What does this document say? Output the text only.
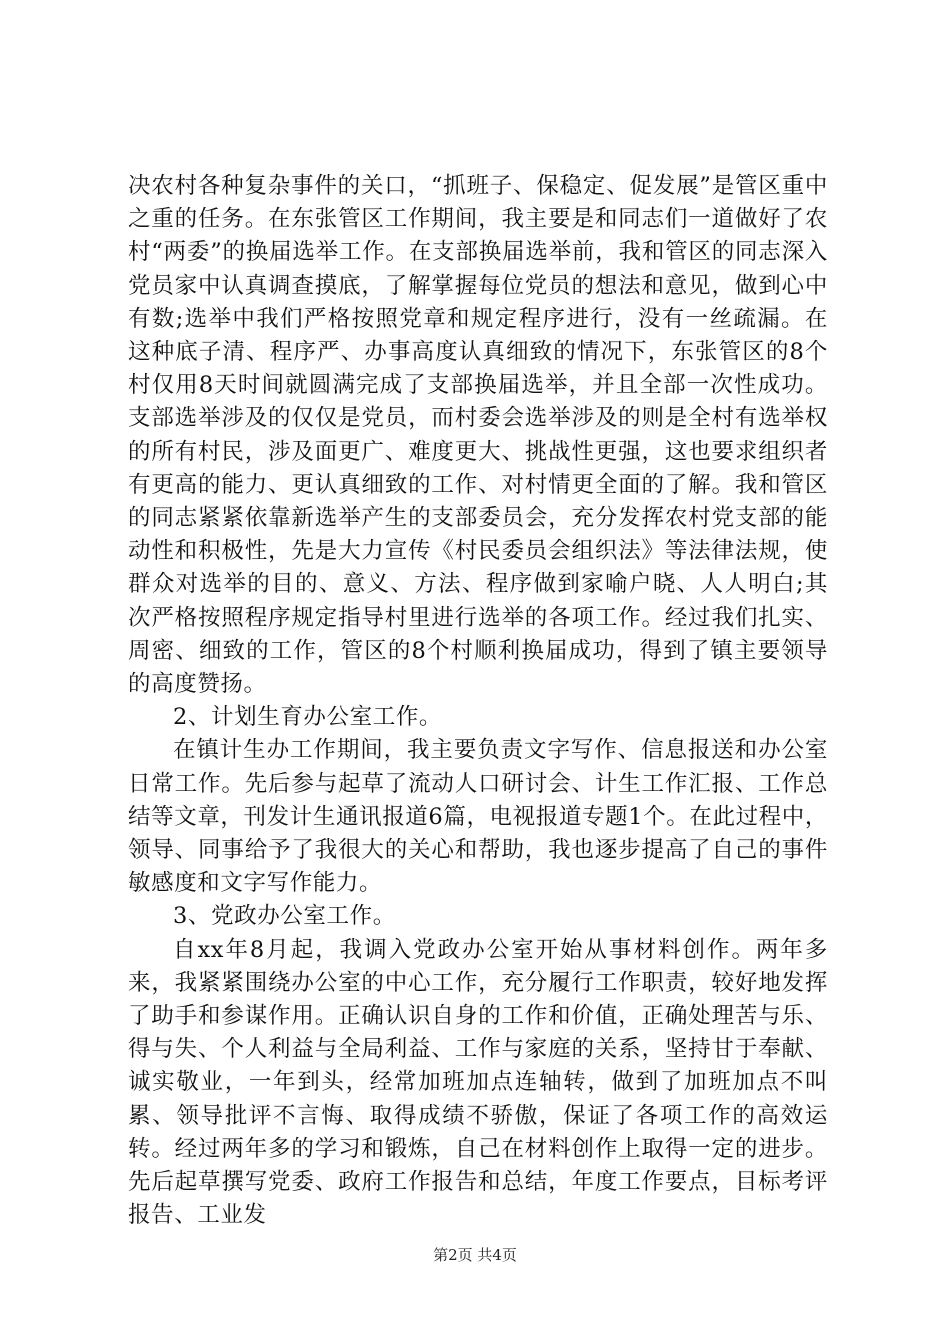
决农村各种复杂事件的关口，“抓班子、保稳定、促发展”是管区重中之重的任务。在东张管区工作期间，我主要是和同志们一道做好了农村“两委”的换届选举工作。在支部换届选举前，我和管区的同志深入党员家中认真调查摸底，了解掌握每位党员的想法和意见，做到心中有数;选举中我们严格按照党章和规定程序进行，没有一丝疏漏。在这种底子清、程序严、办事高度认真细致的情况下，东张管区的8个村仅用8天时间就圆满完成了支部换届选举，并且全部一次性成功。支部选举涉及的仅仅是党员，而村委会选举涉及的则是全村有选举权的所有村民，涉及面更广、难度更大、挑战性更强，这也要求组织者有更高的能力、更认真细致的工作、对村情更全面的了解。我和管区的同志紧紧依靠新选举产生的支部委员会，充分发挥农村党支部的能动性和积极性，先是大力宣传《村民委员会组织法》等法律法规，使群众对选举的目的、意义、方法、程序做到家喻户晓、人人明白;其次严格按照程序规定指导村里进行选举的各项工作。经过我们扎实、周密、细致的工作，管区的8个村顺利换届成功，得到了镇主要领导的高度赞扬。

2、计划生育办公室工作。

在镇计生办工作期间，我主要负责文字写作、信息报送和办公室日常工作。先后参与起草了流动人口研讨会、计生工作汇报、工作总结等文章，刊发计生通讯报道6篇，电视报道专题1个。在此过程中，领导、同事给予了我很大的关心和帮助，我也逐步提高了自己的事件敏感度和文字写作能力。

3、党政办公室工作。

自xx年8月起，我调入党政办公室开始从事材料创作。两年多来，我紧紧围绕办公室的中心工作，充分履行工作职责，较好地发挥了助手和参谋作用。正确认识自身的工作和价值，正确处理苦与乐、得与失、个人利益与全局利益、工作与家庭的关系，坚持甘于奉献、诚实敬业，一年到头，经常加班加点连轴转，做到了加班加点不叫累、领导批评不言悔、取得成绩不骄傲，保证了各项工作的高效运转。经过两年多的学习和锻炼，自己在材料创作上取得一定的进步。先后起草撰写党委、政府工作报告和总结，年度工作要点，目标考评报告、工业发

第2页 共4页
